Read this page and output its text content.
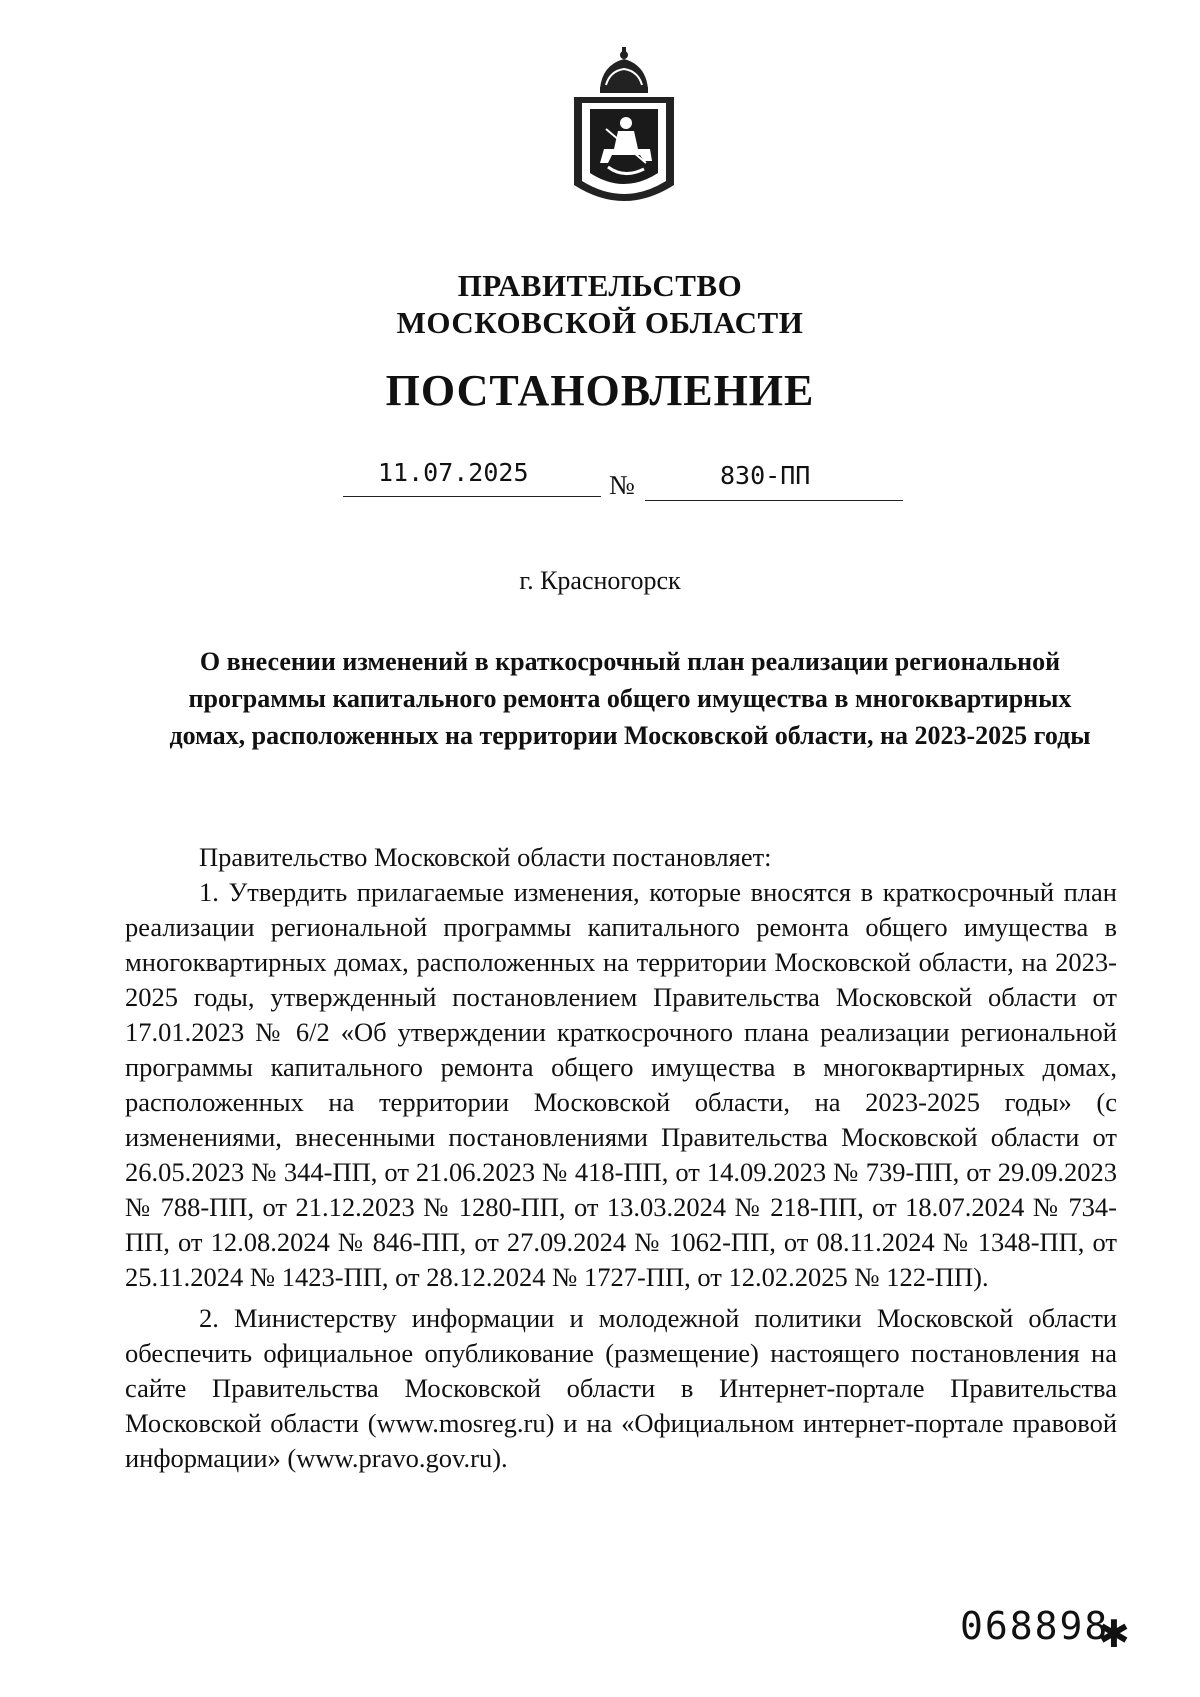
ПРАВИТЕЛЬСТВО
МОСКОВСКОЙ ОБЛАСТИ
ПОСТАНОВЛЕНИЕ
11.07.2025	№	830-ПП
г. Красногорск
О внесении изменений в краткосрочный план реализации региональной программы капитального ремонта общего имущества в многоквартирных домах, расположенных на территории Московской области, на 2023-2025 годы

Правительство Московской области постановляет:

1. Утвердить прилагаемые изменения, которые вносятся в краткосрочный план реализации региональной программы капитального ремонта общего имущества в многоквартирных домах, расположенных на территории Московской области, на 2023-2025 годы, утвержденный постановлением Правительства Московской области от 17.01.2023 № 6/2 «Об утверждении краткосрочного плана реализации региональной программы капитального ремонта общего имущества в многоквартирных домах, расположенных на территории Московской области, на 2023-2025 годы» (с изменениями, внесенными постановлениями Правительства Московской области от 26.05.2023 № 344-ПП, от 21.06.2023 № 418-ПП, от 14.09.2023 № 739-ПП, от 29.09.2023 № 788-ПП, от 21.12.2023 № 1280-ПП, от 13.03.2024 № 218-ПП, от 18.07.2024 № 734-ПП, от 12.08.2024 № 846-ПП, от 27.09.2024 № 1062-ПП, от 08.11.2024 № 1348-ПП, от 25.11.2024 № 1423-ПП, от 28.12.2024 № 1727-ПП, от 12.02.2025 № 122-ПП).

2. Министерству информации и молодежной политики Московской области обеспечить официальное опубликование (размещение) настоящего постановления на сайте Правительства Московской области в Интернет-портале Правительства Московской области (www.mosreg.ru) и на «Официальном интернет-портале правовой информации» (www.pravo.gov.ru).

068898
✱
